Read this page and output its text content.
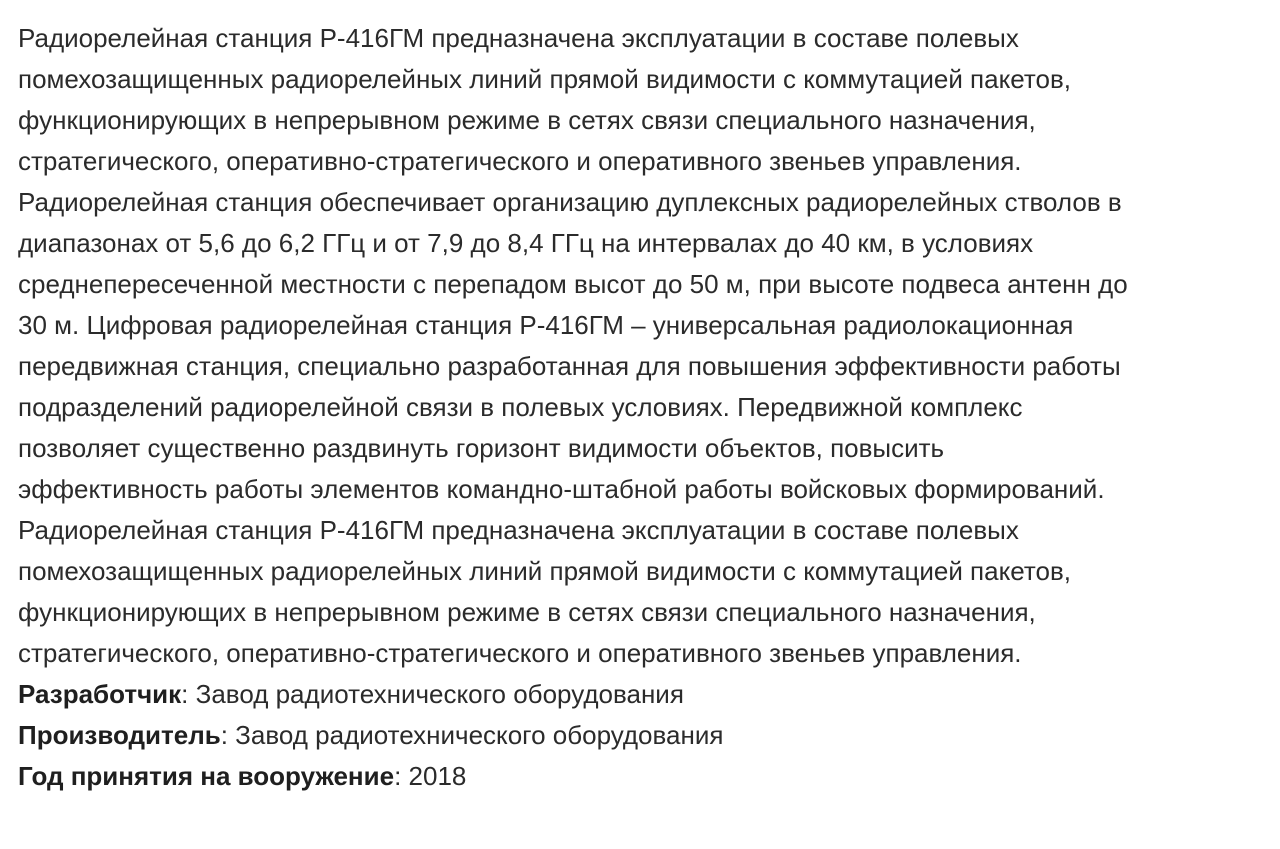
Радиорелейная станция Р-416ГМ предназначена эксплуатации в составе полевых
помехозащищенных радиорелейных линий прямой видимости с коммутацией пакетов,
функционирующих в непрерывном режиме в сетях связи специального назначения,
стратегического, оперативно-стратегического и оперативного звеньев управления.
Радиорелейная станция обеспечивает организацию дуплексных радиорелейных стволов в
диапазонах от 5,6 до 6,2 ГГц и от 7,9 до 8,4 ГГц на интервалах до 40 км, в условиях
среднепересеченной местности с перепадом высот до 50 м, при высоте подвеса антенн до
30 м. Цифровая радиорелейная станция Р-416ГМ – универсальная радиолокационная
передвижная станция, специально разработанная для повышения эффективности работы
подразделений радиорелейной связи в полевых условиях. Передвижной комплекс
позволяет существенно раздвинуть горизонт видимости объектов, повысить
эффективность работы элементов командно-штабной работы войсковых формирований.
Радиорелейная станция Р-416ГМ предназначена эксплуатации в составе полевых
помехозащищенных радиорелейных линий прямой видимости с коммутацией пакетов,
функционирующих в непрерывном режиме в сетях связи специального назначения,
стратегического, оперативно-стратегического и оперативного звеньев управления.
Разработчик: Завод радиотехнического оборудования
Производитель: Завод радиотехнического оборудования
Год принятия на вооружение: 2018
